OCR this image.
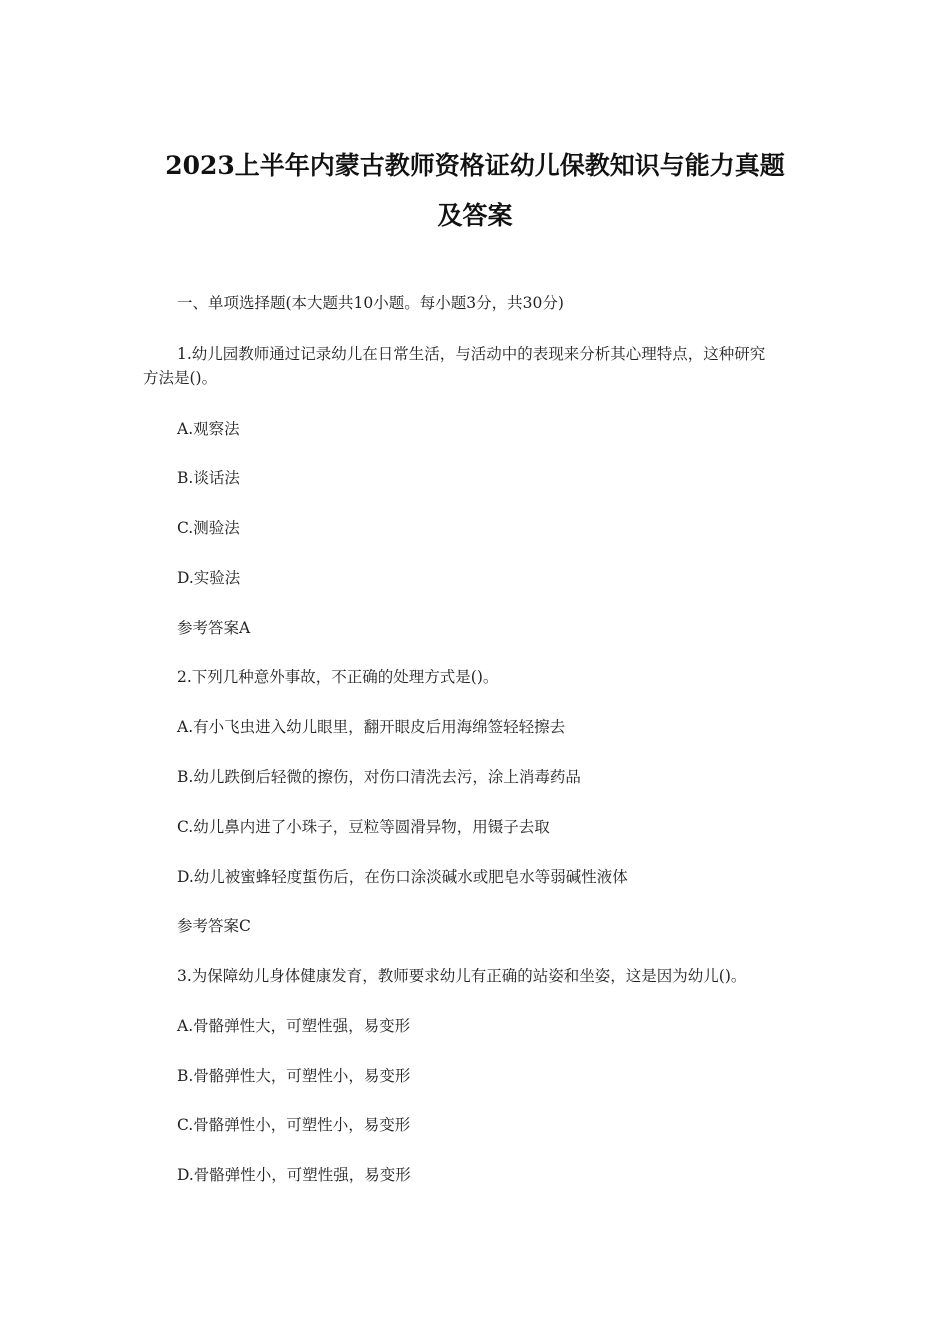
2023上半年内蒙古教师资格证幼儿保教知识与能力真题
及答案
一、单项选择题(本大题共10小题。每小题3分，共30分)
1.幼儿园教师通过记录幼儿在日常生活，与活动中的表现来分析其心理特点，这种研究
方法是()。
A.观察法
B.谈话法
C.测验法
D.实验法
参考答案A
2.下列几种意外事故，不正确的处理方式是()。
A.有小飞虫进入幼儿眼里，翻开眼皮后用海绵签轻轻擦去
B.幼儿跌倒后轻微的擦伤，对伤口清洗去污，涂上消毒药品
C.幼儿鼻内进了小珠子，豆粒等圆滑异物，用镊子去取
D.幼儿被蜜蜂轻度蜇伤后，在伤口涂淡碱水或肥皂水等弱碱性液体
参考答案C
3.为保障幼儿身体健康发育，教师要求幼儿有正确的站姿和坐姿，这是因为幼儿()。
A.骨骼弹性大，可塑性强，易变形
B.骨骼弹性大，可塑性小，易变形
C.骨骼弹性小，可塑性小，易变形
D.骨骼弹性小，可塑性强，易变形
